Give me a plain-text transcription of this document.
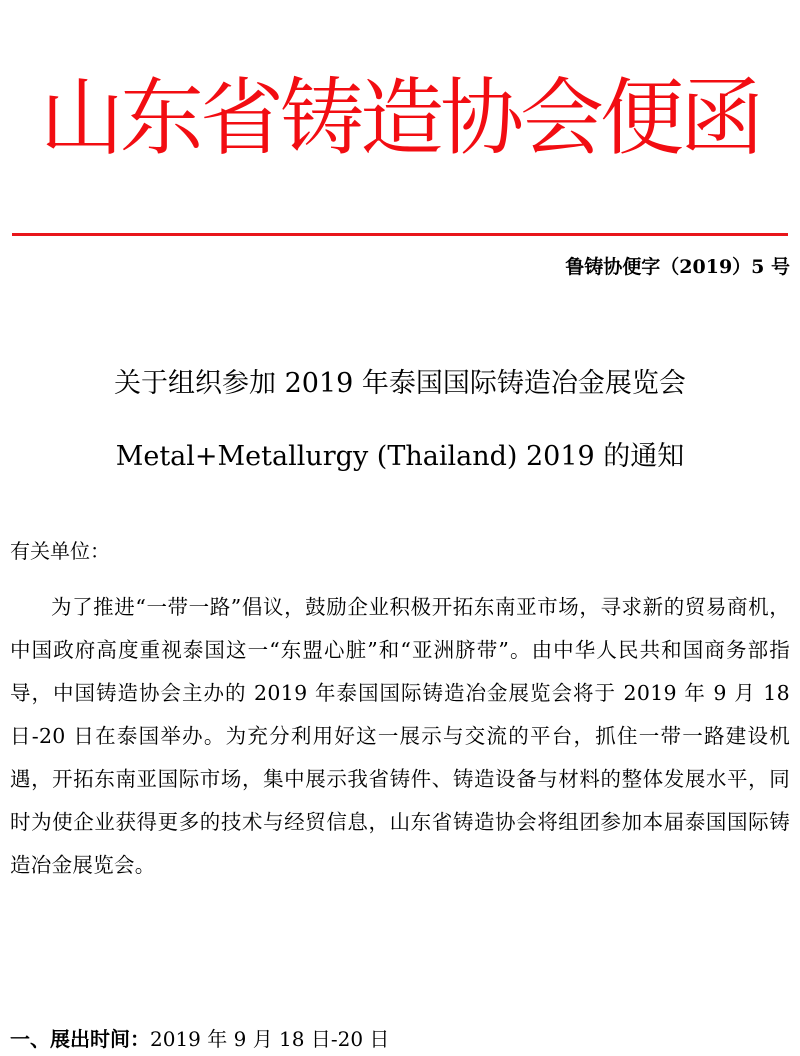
山东省铸造协会便函
鲁铸协便字（2019）5 号
关于组织参加 2019 年泰国国际铸造冶金展览会
Metal+Metallurgy (Thailand) 2019 的通知
有关单位：
为了推进“一带一路”倡议，鼓励企业积极开拓东南亚市场，寻求新的贸易商机，中国政府高度重视泰国这一“东盟心脏”和“亚洲脐带”。由中华人民共和国商务部指导，中国铸造协会主办的 2019 年泰国国际铸造冶金展览会将于 2019 年 9 月 18 日-20 日在泰国举办。为充分利用好这一展示与交流的平台，抓住一带一路建设机遇，开拓东南亚国际市场，集中展示我省铸件、铸造设备与材料的整体发展水平，同时为使企业获得更多的技术与经贸信息，山东省铸造协会将组团参加本届泰国国际铸造冶金展览会。
一、展出时间：2019 年 9 月 18 日-20 日
